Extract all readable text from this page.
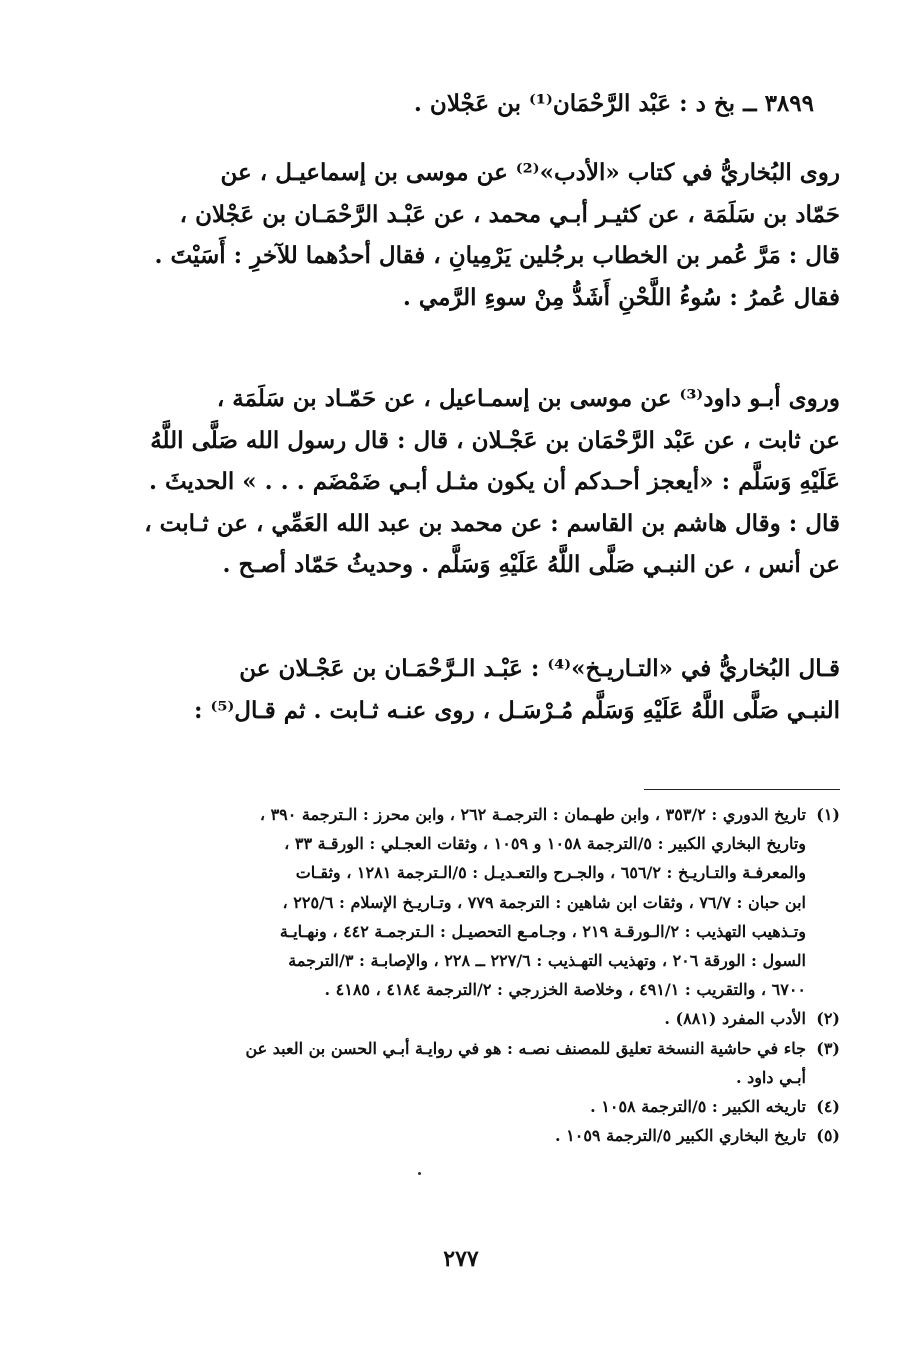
٣٨٩٩ ــ بخ د : عَبْد الرَّحْمَان⁽¹⁾ بن عَجْلان .
روى البُخاريُّ في كتاب «الأدب»⁽²⁾ عن موسى بن إسماعيـل ، عن
حَمّاد بن سَلَمَة ، عن كثيـر أبـي محمد ، عن عَبْـد الرَّحْمَـان بن عَجْلان ،
قال : مَرَّ عُمر بن الخطاب برجُلين يَرْمِيانِ ، فقال أحدُهما للآخرِ : أَسَيْتَ .
فقال عُمرُ : سُوءُ اللَّحْنِ أَشَدُّ مِنْ سوءِ الرَّمي .
وروى أبـو داود⁽³⁾ عن موسى بن إسمـاعيل ، عن حَمّـاد بن سَلَمَة ،
عن ثابت ، عن عَبْد الرَّحْمَان بن عَجْـلان ، قال : قال رسول الله صَلَّى اللَّهُ
عَلَيْهِ وَسَلَّم : «أيعجز أحـدكم أن يكون مثـل أبـي ضَمْضَم . . . » الحديثَ .
قال : وقال هاشم بن القاسم : عن محمد بن عبد الله العَمِّي ، عن ثـابت ،
عن أنس ، عن النبـي صَلَّى اللَّهُ عَلَيْهِ وَسَلَّم . وحديثُ حَمّاد أصـح .
قـال البُخاريُّ في «التـاريـخ»⁽⁴⁾ : عَبْـد الـرَّحْمَـان بن عَجْـلان عن
النبـي صَلَّى اللَّهُ عَلَيْهِ وَسَلَّم مُـرْسَـل ، روى عنـه ثـابت . ثم قـال⁽⁵⁾ :
(١)
تاريخ الدوري : ٣٥٣/٢ ، وابن طهـمان : الترجمـة ٢٦٢ ، وابن محرز : الـترجمة ٣٩٠ ،
وتاريخ البخاري الكبير : ٥/الترجمة ١٠٥٨ و ١٠٥٩ ، وثقات العجـلي : الورقـة ٣٣ ،
والمعرفـة والتـاريـخ : ٦٥٦/٢ ، والجـرح والتعـديـل : ٥/الـترجمة ١٢٨١ ، وثقـات
ابن حبان : ٧٦/٧ ، وثقات ابن شاهين : الترجمة ٧٧٩ ، وتـاريـخ الإسلام : ٢٢٥/٦ ،
وتـذهيب التهذيب : ٢/الـورقـة ٢١٩ ، وجـامـع التحصيـل : الـترجمـة ٤٤٢ ، ونهـايـة
السول : الورقة ٢٠٦ ، وتهذيب التهـذيب : ٢٢٧/٦ ــ ٢٢٨ ، والإصابـة : ٣/الترجمة
٦٧٠٠ ، والتقريب : ٤٩١/١ ، وخلاصة الخزرجي : ٢/الترجمة ٤١٨٤ ، ٤١٨٥ .
(٢)
الأدب المفرد (٨٨١) .
(٣)
جاء في حاشية النسخة تعليق للمصنف نصـه : هو في روايـة أبـي الحسن بن العبد عن
أبـي داود .
(٤)
تاريخه الكبير : ٥/الترجمة ١٠٥٨ .
(٥)
تاريخ البخاري الكبير ٥/الترجمة ١٠٥٩ .
٢٧٧
